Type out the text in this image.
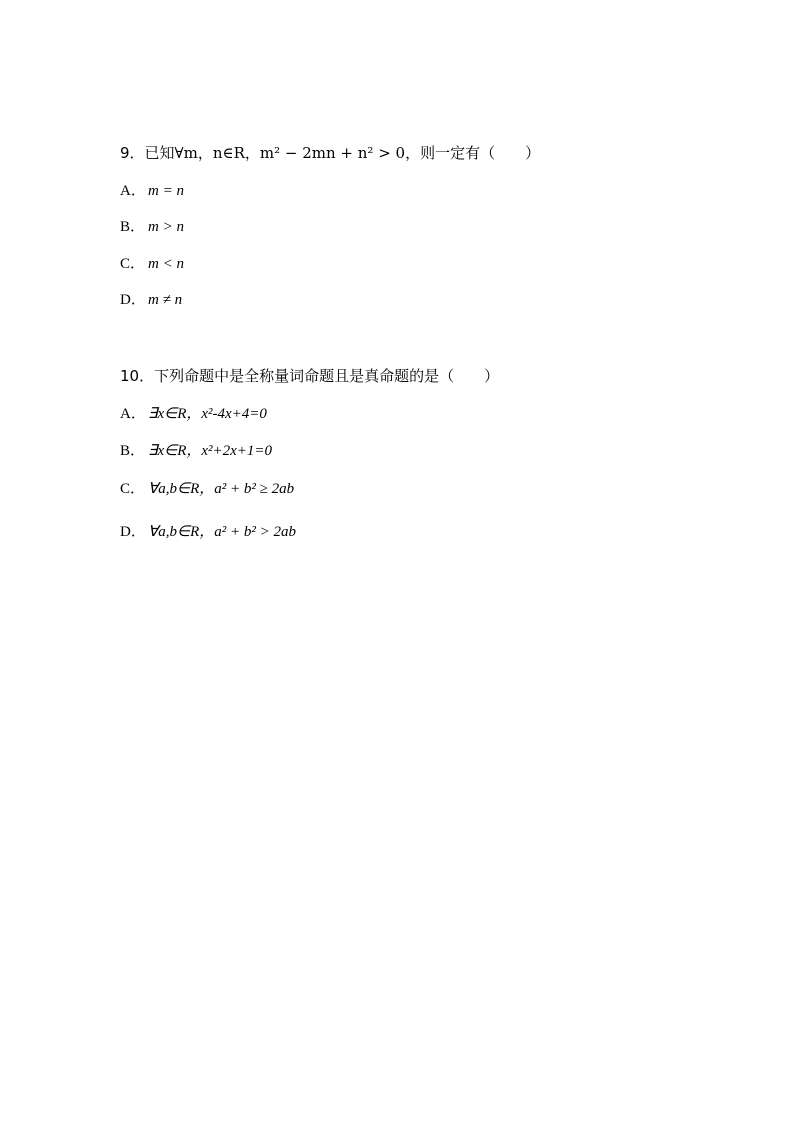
9．已知∀m，n∈R，m² − 2mn + n² > 0，则一定有（　　）
A． m = n
B． m > n
C． m < n
D． m ≠ n
10．下列命题中是全称量词命题且是真命题的是（　　）
A． ∃x∈R，x²-4x+4=0
B． ∃x∈R，x²+2x+1=0
C． ∀a,b∈R，a² + b² ≥ 2ab
D． ∀a,b∈R，a² + b² > 2ab
